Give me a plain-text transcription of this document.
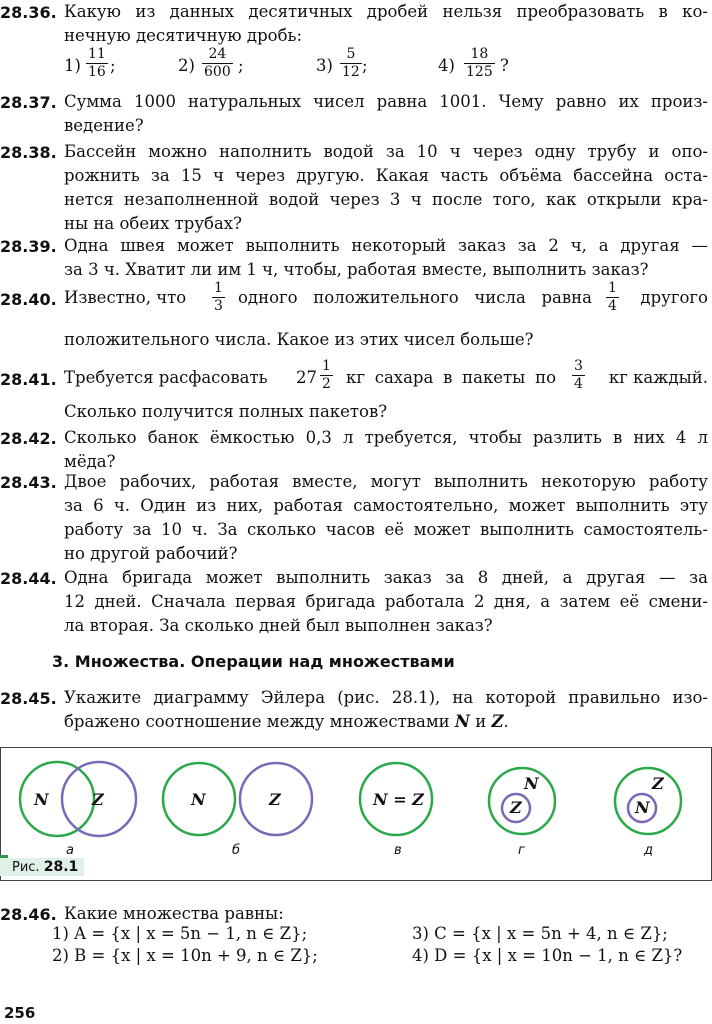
28.36. Какую из данных десятичных дробей нельзя преобразовать в ко-
нечную десятичную дробь:
$1) \frac{11}{16}$ ;	$2) \frac{24}{600}$ ;	$3) \frac{5}{12}$ ;	$4) \frac{18}{125}$ ?
28.37. Сумма 1000 натуральных чисел равна 1001. Чему равно их произ-
ведение?
28.38. Бассейн можно наполнить водой за 10 ч через одну трубу и опо-
рожнить за 15 ч через другую. Какая часть объёма бассейна оста-
нется незаполненной водой через 3 ч после того, как открыли кра-
ны на обеих трубах?
28.39. Одна швея может выполнить некоторый заказ за 2 ч, а другая —
за 3 ч. Хватит ли им 1 ч, чтобы, работая вместе, выполнить заказ?
28.40. Известно, что $\frac{1}{3}$ одного положительного числа равна $\frac{1}{4}$ другого
положительного числа. Какое из этих чисел больше?
28.41. Требуется расфасовать $27 \frac{1}{2}$ кг сахара в пакеты по $\frac{3}{4}$ кг каждый.
Сколько получится полных пакетов?
28.42. Сколько банок ёмкостью 0,3 л требуется, чтобы разлить в них 4 л
мёда?
28.43. Двое рабочих, работая вместе, могут выполнить некоторую работу
за 6 ч. Один из них, работая самостоятельно, может выполнить эту
работу за 10 ч. За сколько часов её может выполнить самостоятель-
но другой рабочий?
28.44. Одна бригада может выполнить заказ за 8 дней, а другая — за
12 дней. Сначала первая бригада работала 2 дня, а затем её смени-
ла вторая. За сколько дней был выполнен заказ?
3. Множества. Операции над множествами
28.45. Укажите диаграмму Эйлера (рис. 28.1), на которой правильно изо-
бражено соотношение между множествами N и Z.
N	Z	N	Z	N = Z
N
Z
Z
N
а	б	в	г	д
Рис. 28.1
28.46. Какие множества равны:
1) A = {x | x = 5n − 1, n ∈ Z};
2) B = {x | x = 10n + 9, n ∈ Z};
3) C = {x | x = 5n + 4, n ∈ Z};
4) D = {x | x = 10n − 1, n ∈ Z}?
256
